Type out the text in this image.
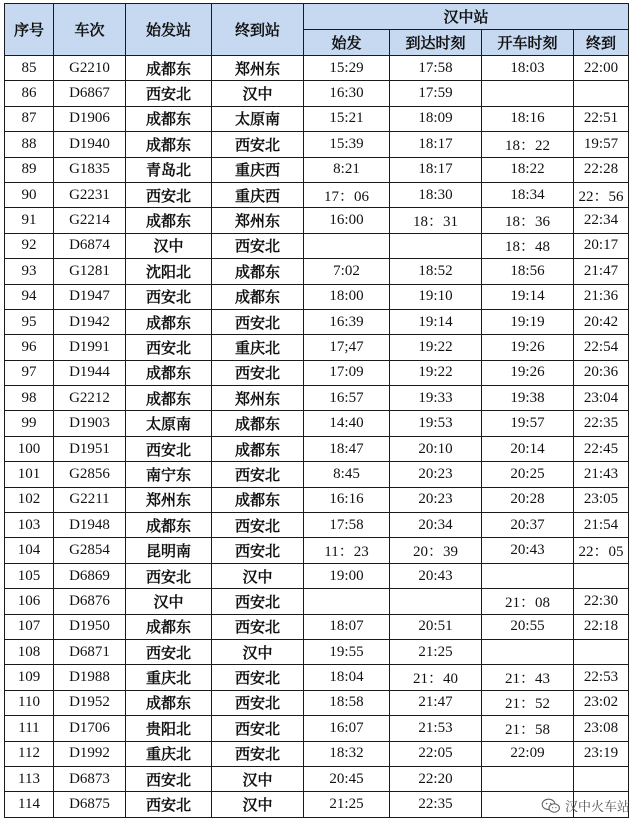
序号	车次	始发站	终到站	汉中站			
				始发	到达时刻	开车时刻	终到
85	G2210	成都东	郑州东	15:29	17:58	18:03	22:00
86	D6867	西安北	汉中	16:30	17:59		
87	D1906	成都东	太原南	15:21	18:09	18:16	22:51
88	D1940	成都东	西安北	15:39	18:17	18：22	19:57
89	G1835	青岛北	重庆西	8:21	18:17	18:22	22:28
90	G2231	西安北	重庆西	17：06	18:30	18:34	22：56
91	G2214	成都东	郑州东	16:00	18：31	18：36	22:34
92	D6874	汉中	西安北			18：48	20:17
93	G1281	沈阳北	成都东	7:02	18:52	18:56	21:47
94	D1947	西安北	成都东	18:00	19:10	19:14	21:36
95	D1942	成都东	西安北	16:39	19:14	19:19	20:42
96	D1991	西安北	重庆北	17;47	19:22	19:26	22:54
97	D1944	成都东	西安北	17:09	19:22	19:26	20:36
98	G2212	成都东	郑州东	16:57	19:33	19:38	23:04
99	D1903	太原南	成都东	14:40	19:53	19:57	22:35
100	D1951	西安北	成都东	18:47	20:10	20:14	22:45
101	G2856	南宁东	西安北	8:45	20:23	20:25	21:43
102	G2211	郑州东	成都东	16:16	20:23	20:28	23:05
103	D1948	成都东	西安北	17:58	20:34	20:37	21:54
104	G2854	昆明南	西安北	11：23	20：39	20:43	22：05
105	D6869	西安北	汉中	19:00	20:43		
106	D6876	汉中	西安北			21：08	22:30
107	D1950	成都东	西安北	18:07	20:51	20:55	22:18
108	D6871	西安北	汉中	19:55	21:25		
109	D1988	重庆北	西安北	18:04	21：40	21：43	22:53
110	D1952	成都东	西安北	18:58	21:47	21：52	23:02
111	D1706	贵阳北	西安北	16:07	21:53	21：58	23:08
112	D1992	重庆北	西安北	18:32	22:05	22:09	23:19
113	D6873	西安北	汉中	20:45	22:20		
114	D6875	西安北	汉中	21:25	22:35			汉中火车站
